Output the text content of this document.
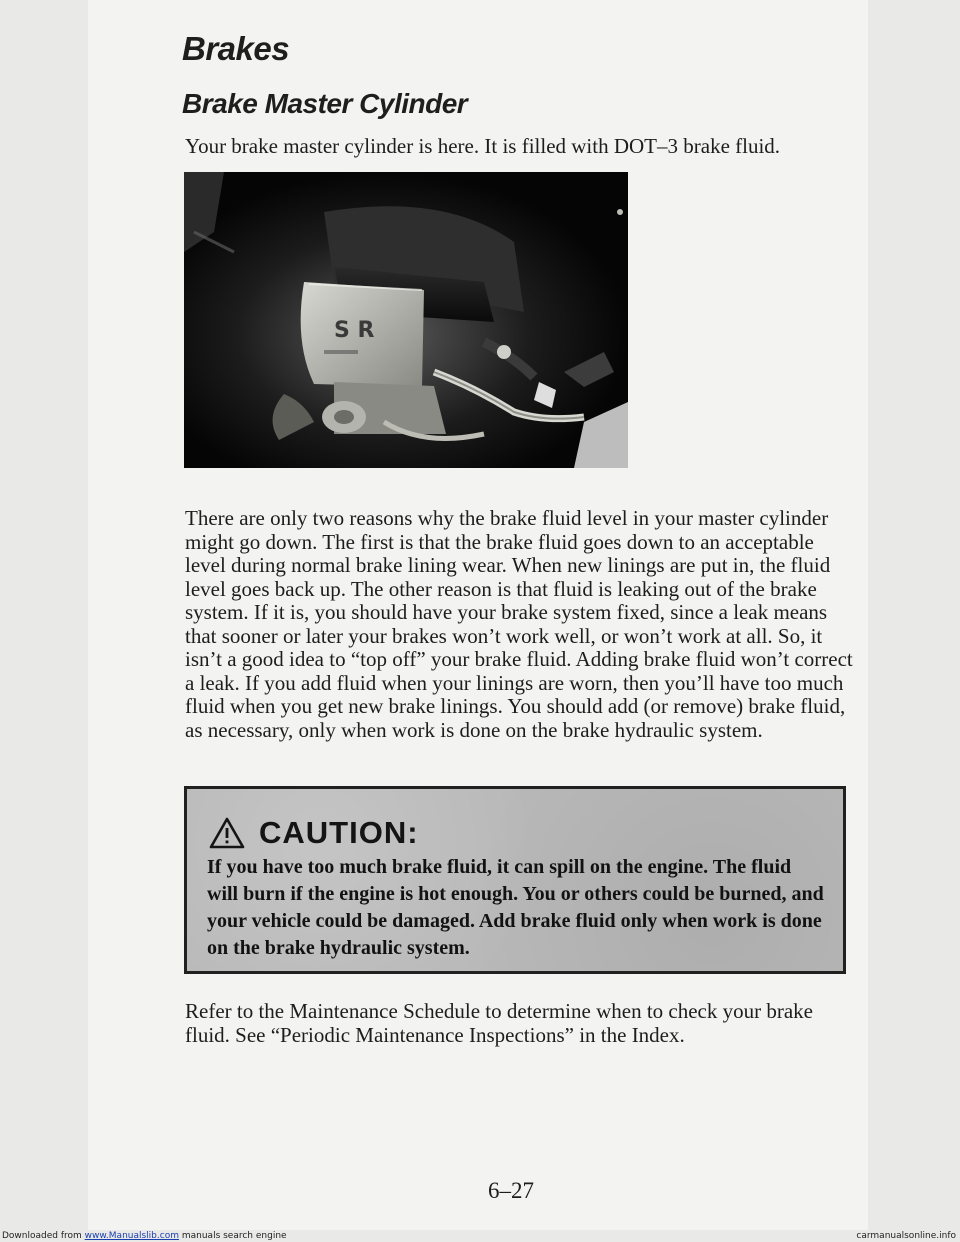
Brakes
Brake Master Cylinder

Your brake master cylinder is here. It is filled with DOT–3 brake fluid.

S R

There are only two reasons why the brake fluid level in your master cylinder might go down. The first is that the brake fluid goes down to an acceptable level during normal brake lining wear. When new linings are put in, the fluid level goes back up. The other reason is that fluid is leaking out of the brake system. If it is, you should have your brake system fixed, since a leak means that sooner or later your brakes won’t work well, or won’t work at all. So, it isn’t a good idea to “top off” your brake fluid. Adding brake fluid won’t correct a leak. If you add fluid when your linings are worn, then you’ll have too much fluid when you get new brake linings. You should add (or remove) brake fluid, as necessary, only when work is done on the brake hydraulic system.

CAUTION:

If you have too much brake fluid, it can spill on the engine. The fluid will burn if the engine is hot enough. You or others could be burned, and your vehicle could be damaged. Add brake fluid only when work is done on the brake hydraulic system.

Refer to the Maintenance Schedule to determine when to check your brake fluid. See “Periodic Maintenance Inspections” in the Index.

6–27

Downloaded from www.Manualslib.com manuals search engine	carmanualsonline.info
